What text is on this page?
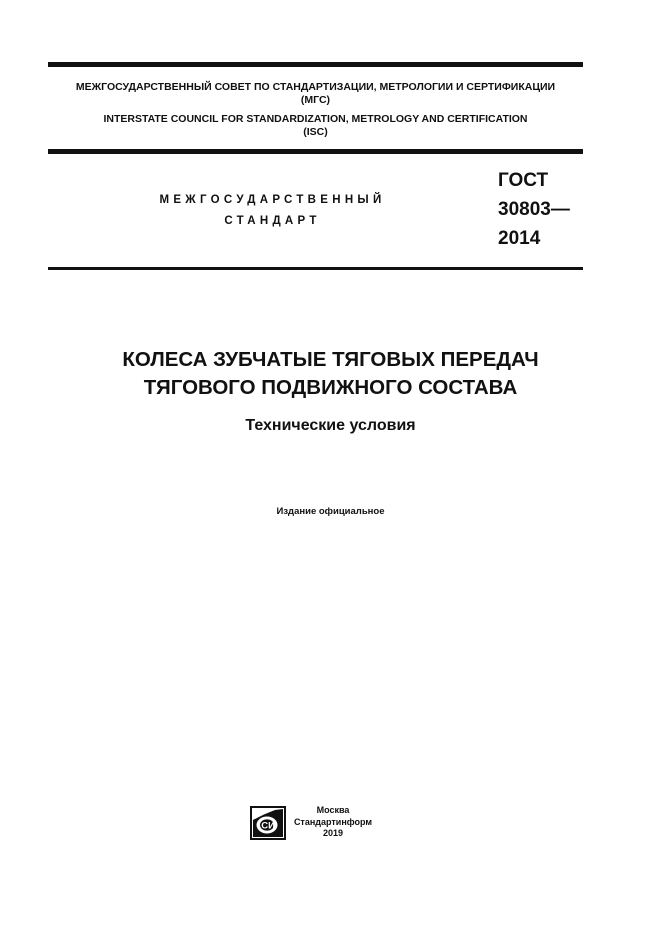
МЕЖГОСУДАРСТВЕННЫЙ СОВЕТ ПО СТАНДАРТИЗАЦИИ, МЕТРОЛОГИИ И СЕРТИФИКАЦИИ
(МГС)
INTERSTATE COUNCIL FOR STANDARDIZATION, METROLOGY AND CERTIFICATION
(ISC)
МЕЖГОСУДАРСТВЕННЫЙ
СТАНДАРТ
ГОСТ
30803—
2014
КОЛЕСА ЗУБЧАТЫЕ ТЯГОВЫХ ПЕРЕДАЧ
ТЯГОВОГО ПОДВИЖНОГО СОСТАВА
Технические условия
Издание официальное
СИ
Москва
Стандартинформ
2019
